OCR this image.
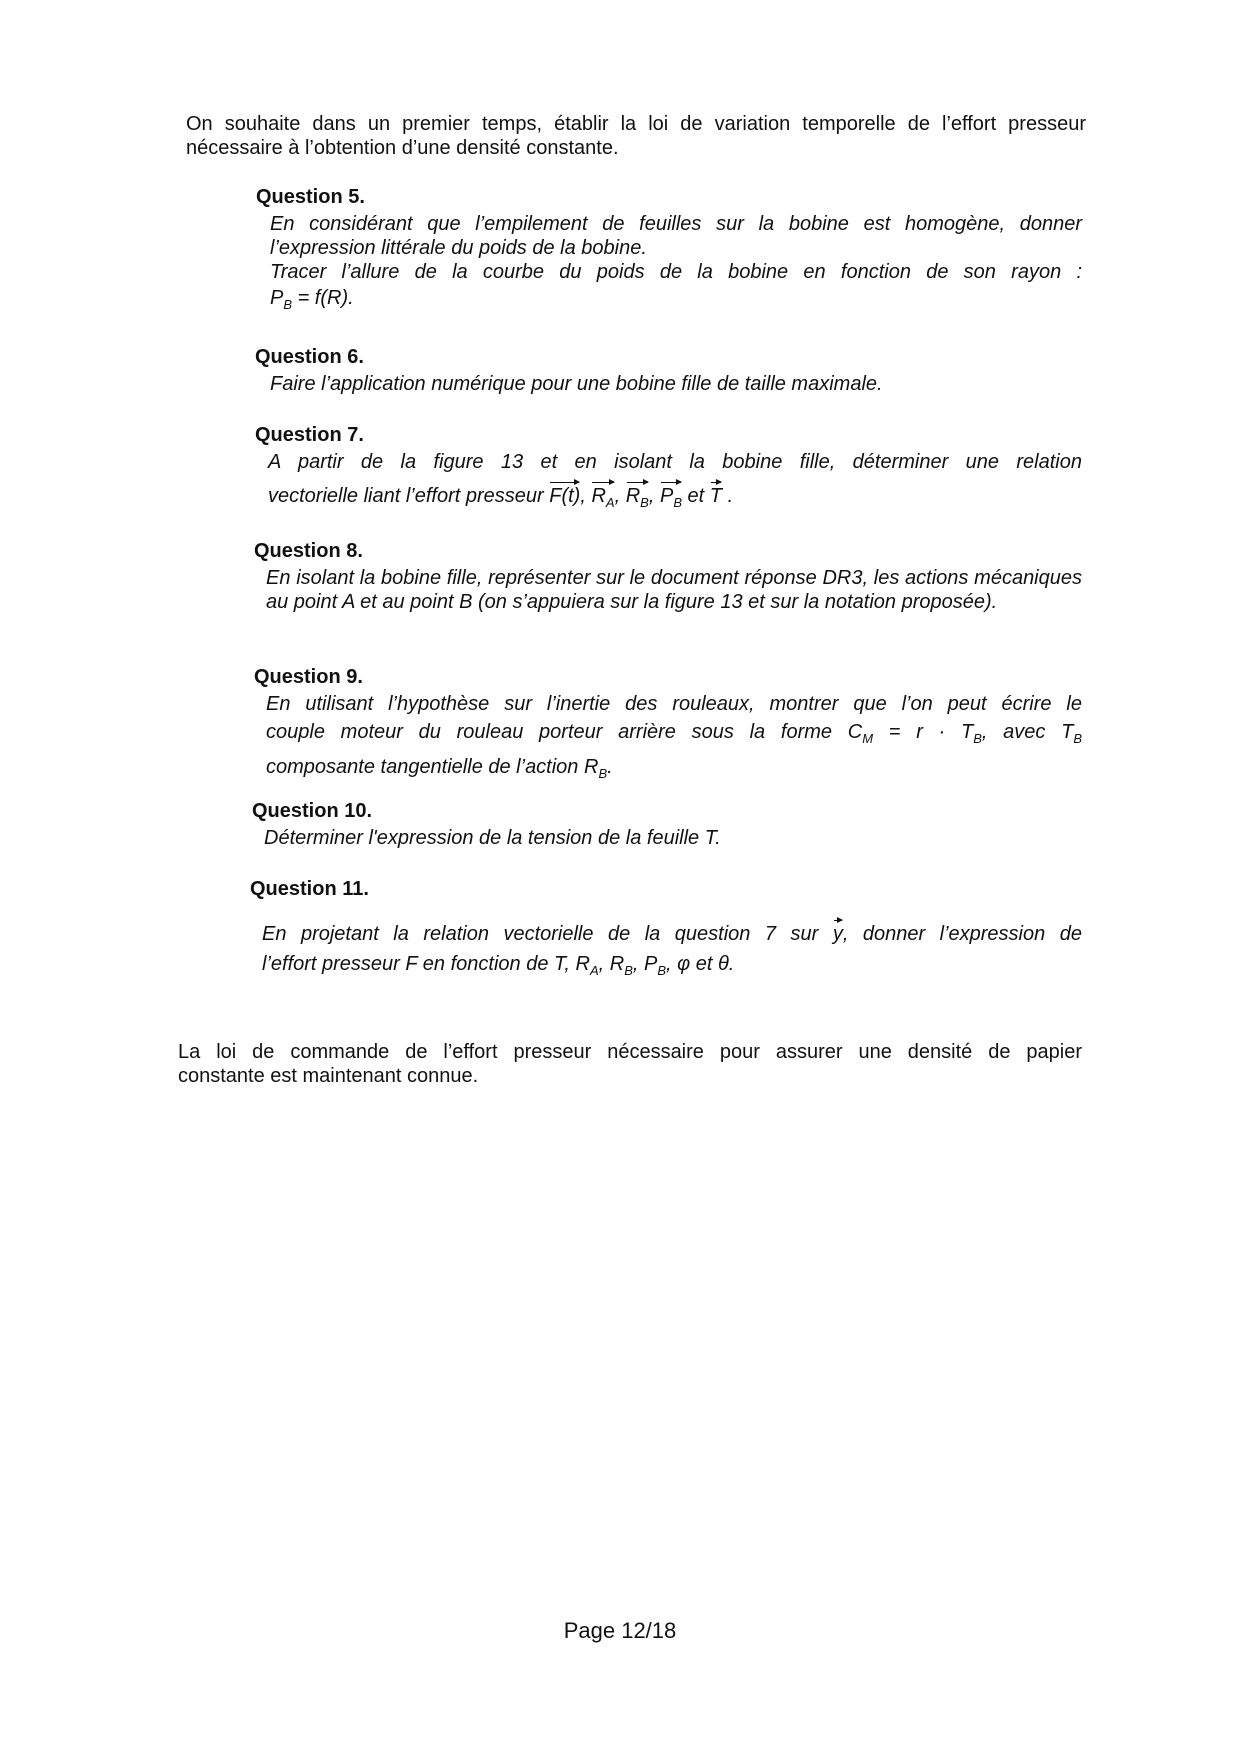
On souhaite dans un premier temps, établir la loi de variation temporelle de l’effort presseur

nécessaire à l’obtention d’une densité constante.

Question 5.

En considérant que l’empilement de feuilles sur la bobine est homogène, donner l’expression littérale du poids de la bobine.

Tracer l’allure de la courbe du poids de la bobine en fonction de son rayon :

$P_B = f(R)$.

Question 6.

Faire l’application numérique pour une bobine fille de taille maximale.

Question 7.

A partir de la figure 13 et en isolant la bobine fille, déterminer une relation

vectorielle liant l’effort presseur F(t), $R_A$, $R_B$, $P_B$ et T .

Question 8.

En isolant la bobine fille, représenter sur le document réponse DR3, les actions mécaniques au point A et au point B (on s’appuiera sur la figure 13 et sur la notation proposée).

Question 9.

En utilisant l’hypothèse sur l’inertie des rouleaux, montrer que l’on peut écrire le

couple moteur du rouleau porteur arrière sous la forme $C_M = r \cdot T_B$, avec $T_B$

composante tangentielle de l’action $R_B$.

Question 10.

Déterminer l'expression de la tension de la feuille T.

Question 11.

En projetant la relation vectorielle de la question 7 sur y, donner l’expression de

l’effort presseur F en fonction de T, $R_A$, $R_B$, $P_B$, φ et θ.

La loi de commande de l’effort presseur nécessaire pour assurer une densité de papier

constante est maintenant connue.

Page 12/18
